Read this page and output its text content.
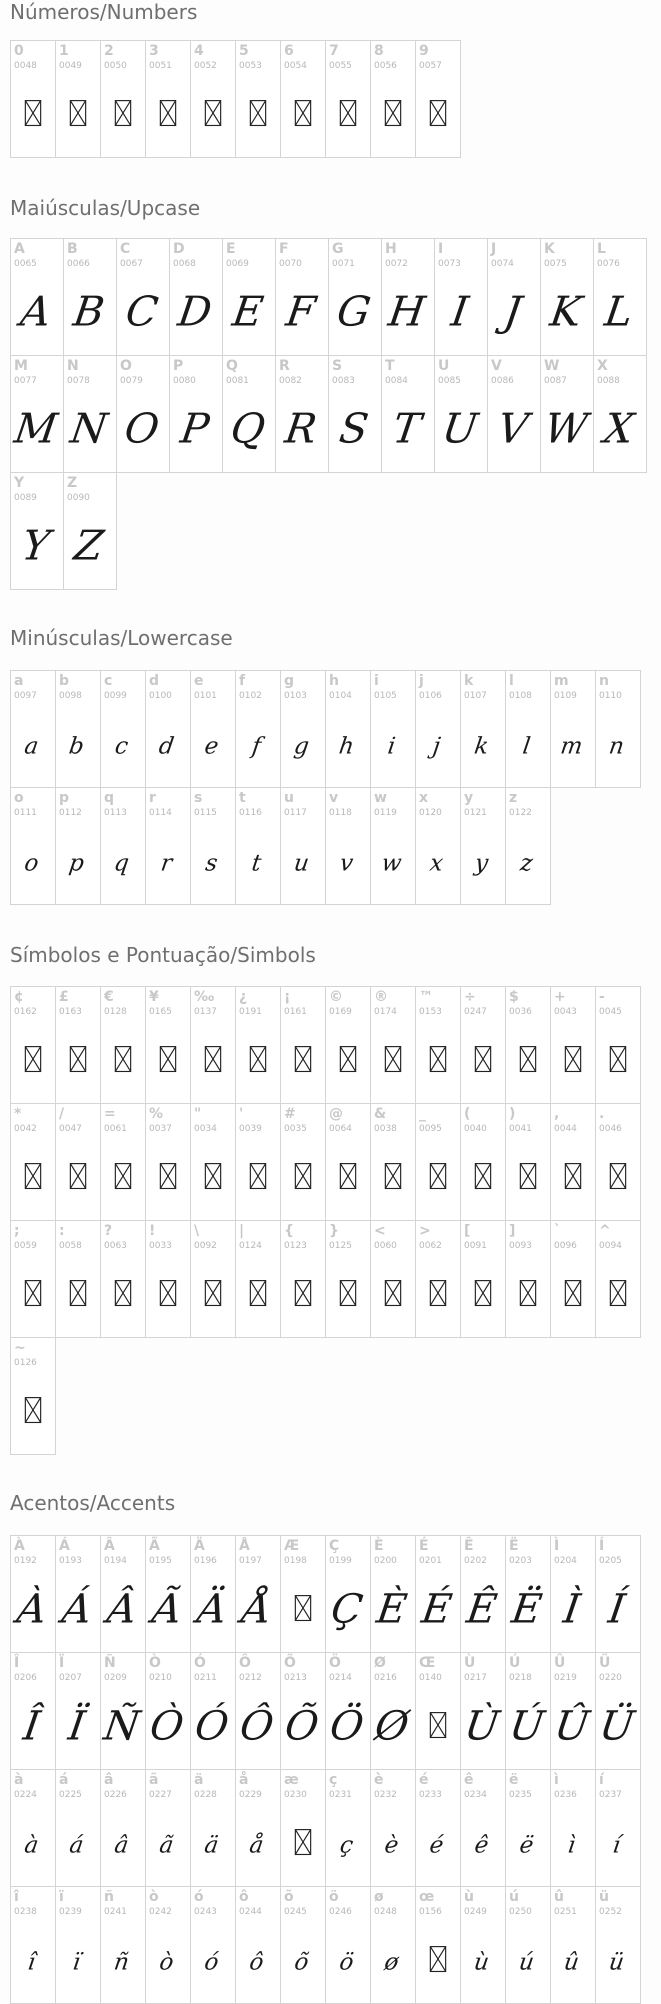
Números/Numbers
0
0048
1
0049
2
0050
3
0051
4
0052
5
0053
6
0054
7
0055
8
0056
9
0057
Maiúsculas/Upcase
A
0065
A
B
0066
B
C
0067
C
D
0068
D
E
0069
E
F
0070
F
G
0071
G
H
0072
H
I
0073
I
J
0074
J
K
0075
K
L
0076
L
M
0077
M
N
0078
N
O
0079
O
P
0080
P
Q
0081
Q
R
0082
R
S
0083
S
T
0084
T
U
0085
U
V
0086
V
W
0087
W
X
0088
X
Y
0089
Y
Z
0090
Z
Minúsculas/Lowercase
a
0097
a
b
0098
b
c
0099
c
d
0100
d
e
0101
e
f
0102
f
g
0103
g
h
0104
h
i
0105
i
j
0106
j
k
0107
k
l
0108
l
m
0109
m
n
0110
n
o
0111
o
p
0112
p
q
0113
q
r
0114
r
s
0115
s
t
0116
t
u
0117
u
v
0118
v
w
0119
w
x
0120
x
y
0121
y
z
0122
z
Símbolos e Pontuação/Simbols
¢
0162
£
0163
€
0128
¥
0165
‰
0137
¿
0191
¡
0161
©
0169
®
0174
™
0153
÷
0247
$
0036
+
0043
-
0045
*
0042
/
0047
=
0061
%
0037
"
0034
'
0039
#
0035
@
0064
&
0038
_
0095
(
0040
)
0041
,
0044
.
0046
;
0059
:
0058
?
0063
!
0033
\
0092
|
0124
{
0123
}
0125
<
0060
>
0062
[
0091
]
0093
`
0096
^
0094
~
0126
Acentos/Accents
À
0192
À
Á
0193
Á
Â
0194
Â
Ã
0195
Ã
Ä
0196
Ä
Å
0197
Å
Æ
0198
Ç
0199
Ç
È
0200
È
É
0201
É
Ê
0202
Ê
Ë
0203
Ë
Ì
0204
Ì
Í
0205
Í
Î
0206
Î
Ï
0207
Ï
Ñ
0209
Ñ
Ò
0210
Ò
Ó
0211
Ó
Ô
0212
Ô
Õ
0213
Õ
Ö
0214
Ö
Ø
0216
Ø
Œ
0140
Ù
0217
Ù
Ú
0218
Ú
Û
0219
Û
Ü
0220
Ü
à
0224
à
á
0225
á
â
0226
â
ã
0227
ã
ä
0228
ä
å
0229
å
æ
0230
ç
0231
ç
è
0232
è
é
0233
é
ê
0234
ê
ë
0235
ë
ì
0236
ì
í
0237
í
î
0238
î
ï
0239
ï
ñ
0241
ñ
ò
0242
ò
ó
0243
ó
ô
0244
ô
õ
0245
õ
ö
0246
ö
ø
0248
ø
œ
0156
ù
0249
ù
ú
0250
ú
û
0251
û
ü
0252
ü
